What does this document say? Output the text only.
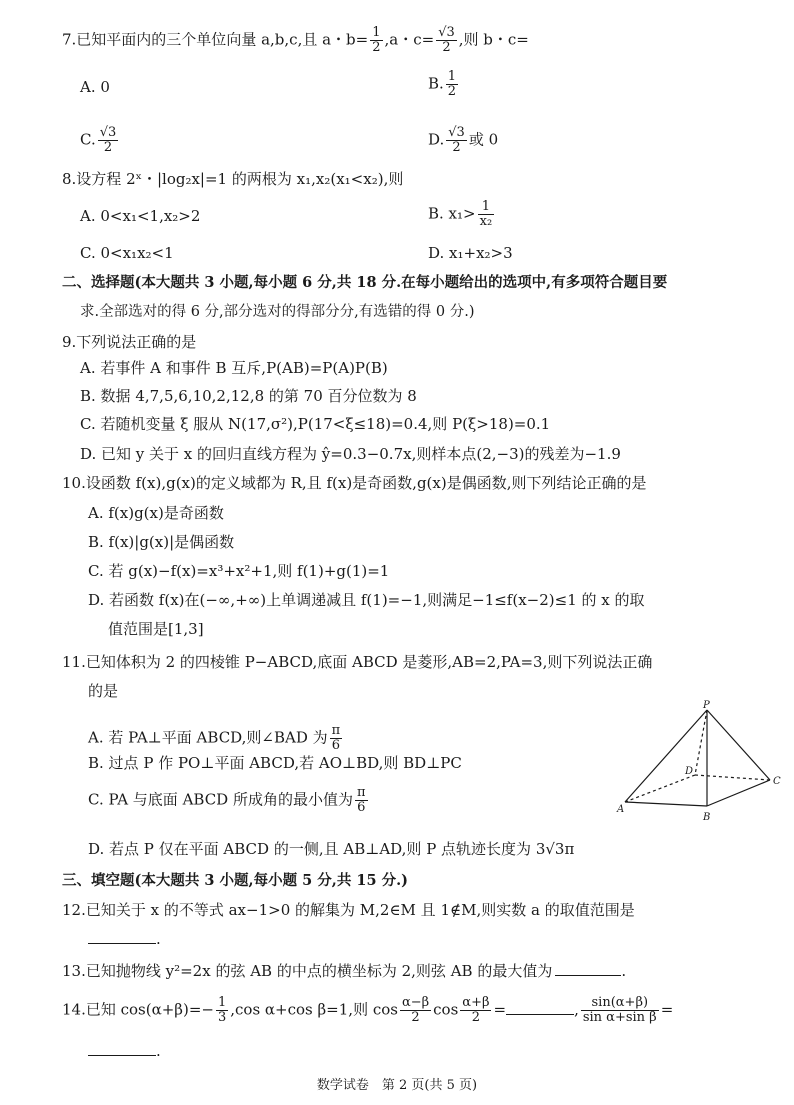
7.已知平面内的三个单位向量 a,b,c,且 a・$b= \frac{1}{2} ,a$・$c= \frac{√3}{2}$ ,则 b・c=
A. 0	B. $\frac{1}{2}$
C. $\frac{√3}{2}$	D. $\frac{√3}{2}$ 或 0
8.设方程 2ˣ・|log₂x|=1 的两根为 x₁,x₂(x₁<x₂),则
A. 0<x₁<1,x₂>2	B. $x_1> \frac{1}{\text{x₂}}$
C. 0<x₁x₂<1	D. x₁+x₂>3
二、选择题(本大题共 3 小题,每小题 6 分,共 18 分.在每小题给出的选项中,有多项符合题目要
求.全部选对的得 6 分,部分选对的得部分分,有选错的得 0 分.)
9.下列说法正确的是
A. 若事件 A 和事件 B 互斥,P(AB)=P(A)P(B)
B. 数据 4,7,5,6,10,2,12,8 的第 70 百分位数为 8
C. 若随机变量 ξ 服从 N(17,σ²),P(17<ξ≤18)=0.4,则 P(ξ>18)=0.1
D. 已知 y 关于 x 的回归直线方程为 ŷ=0.3−0.7x,则样本点(2,−3)的残差为−1.9
10.设函数 f(x),g(x)的定义域都为 R,且 f(x)是奇函数,g(x)是偶函数,则下列结论正确的是
A. f(x)g(x)是奇函数
B. f(x)|g(x)|是偶函数
C. 若 g(x)−f(x)=x³+x²+1,则 f(1)+g(1)=1
D. 若函数 f(x)在(−∞,+∞)上单调递减且 f(1)=−1,则满足−1≤f(x−2)≤1 的 x 的取
值范围是[1,3]
11.已知体积为 2 的四棱锥 P−ABCD,底面 ABCD 是菱形,AB=2,PA=3,则下列说法正确
的是
A. 若 PA⊥平面 ABCD,则∠BAD 为 $\frac{\pi}{6}$
B. 过点 P 作 PO⊥平面 ABCD,若 AO⊥BD,则 BD⊥PC
C. PA 与底面 ABCD 所成角的最小值为 $\frac{\pi}{6}$
D. 若点 P 仅在平面 ABCD 的一侧,且 AB⊥AD,则 P 点轨迹长度为 3√3π
P
D
C
A
B
三、填空题(本大题共 3 小题,每小题 5 分,共 15 分.)
12.已知关于 x 的不等式 ax−1>0 的解集为 M,2∈M 且 1∉M,则实数 a 的取值范围是
.
13.已知抛物线 y²=2x 的弦 AB 的中点的横坐标为 2,则弦 AB 的最大值为	.
14.已知 $\cos(\alpha+\beta)=- \frac{1}{3} ,\cos$ α+cos β=1,则 $\cos \frac{\alpha-\beta}{2}$ $\cos \frac{\alpha+\beta}{2}$ =	, $\frac{\sin(\alpha+\beta)}{\text{sin α+sin β}}$ =
.
数学试卷　第 2 页(共 5 页)
